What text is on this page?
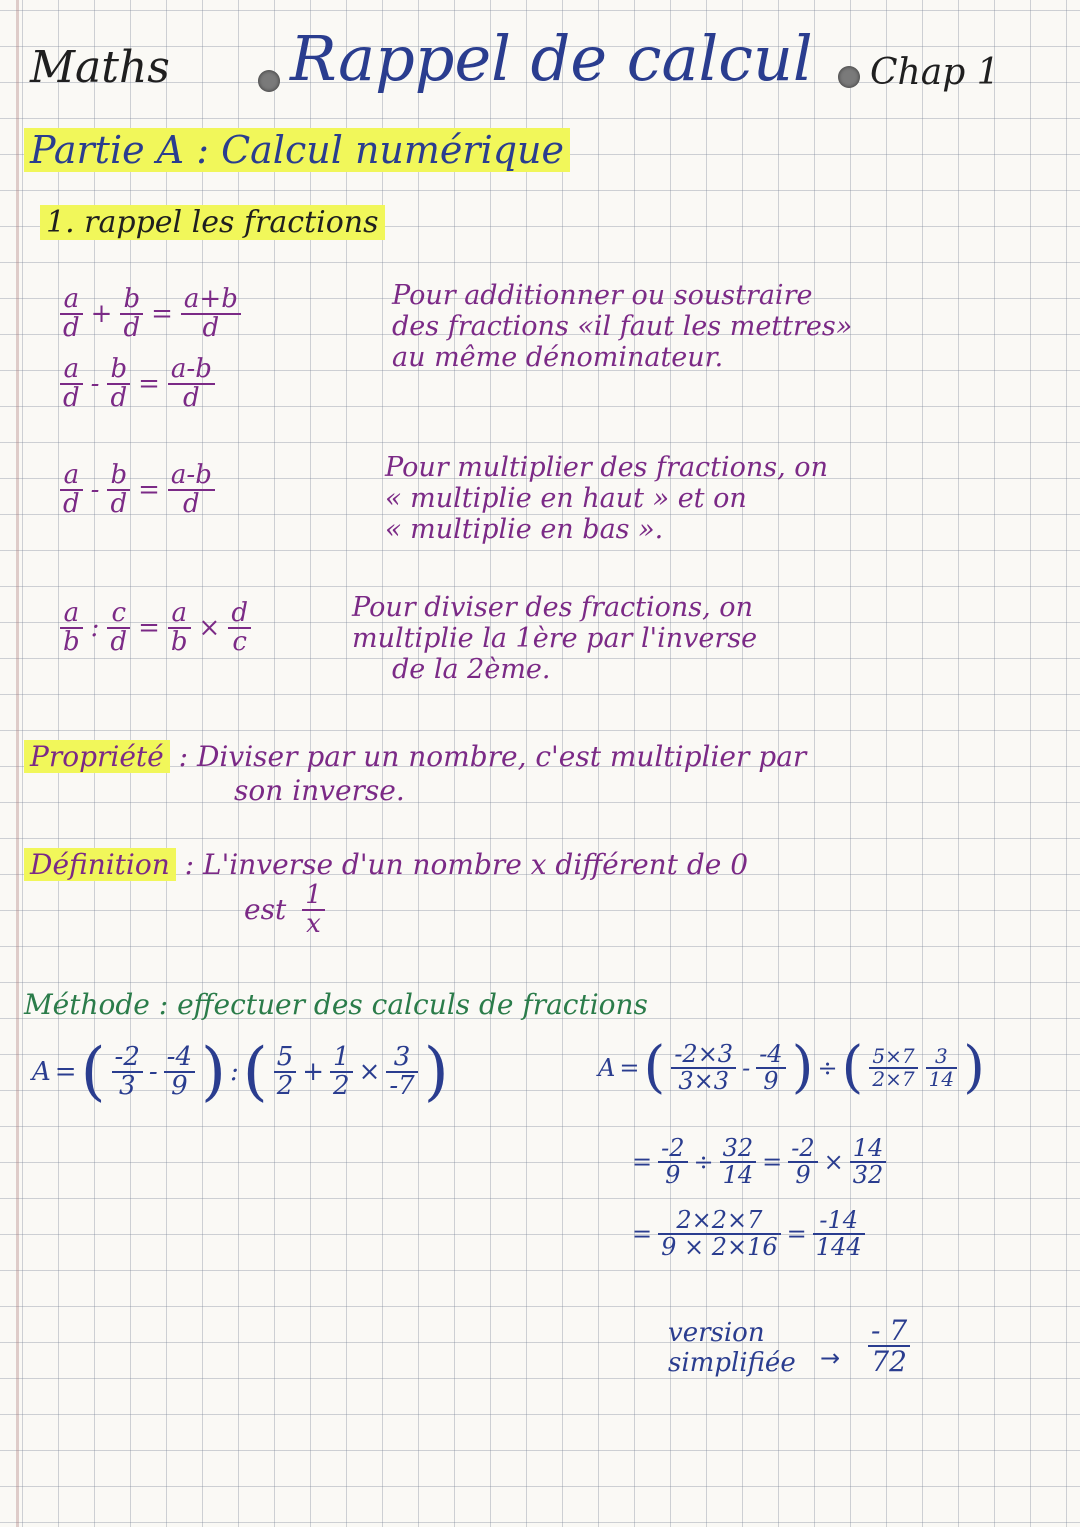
Maths Rappel de calcul Chap 1
Partie A : Calcul numérique
1. rappel les fractions
$\frac{a}{d} + \frac{b}{d} = \frac{a+b}{d}$
$\frac{a}{d} - \frac{b}{d} = \frac{a-b}{d}$
Pour additionner ou soustraire
des fractions «il faut les mettres»
au même dénominateur.
$\frac{a}{d} - \frac{b}{d} = \frac{a-b}{d}$	Pour multiplier des fractions, on
« multiplie en haut » et on
« multiplie en bas ».
$\frac{a}{b}$ : $\frac{c}{d} = \frac{a}{b} \times \frac{d}{c}$	Pour diviser des fractions, on
multiplie la 1ère par l'inverse
de la 2ème.
Propriété : Diviser par un nombre, c'est multiplier par
son inverse.
Définition : L'inverse d'un nombre x différent de 0
est $\frac{1}{x}$
Méthode : effectuer des calculs de fractions
A = ( $\frac{-2}{3} - \frac{-4}{9}$ ) : ( $\frac{5}{2} + \frac{1}{2} \times \frac{3}{-7}$ )	A = ( $\frac{-2\times 3}{3\times 3} - \frac{-4}{9}$ ) ÷ ( $\frac{5\times 7}{2\times 7} \frac{3}{14}$ )
= $\frac{-2}{9} \div \frac{32}{14} = \frac{-2}{9} \times \frac{14}{32}$
= $\frac{2\times 2\times 7}{9 \times 2\times 16} = \frac{-14}{144}$
version
simplifiée → $\frac{- 7}{72}$
